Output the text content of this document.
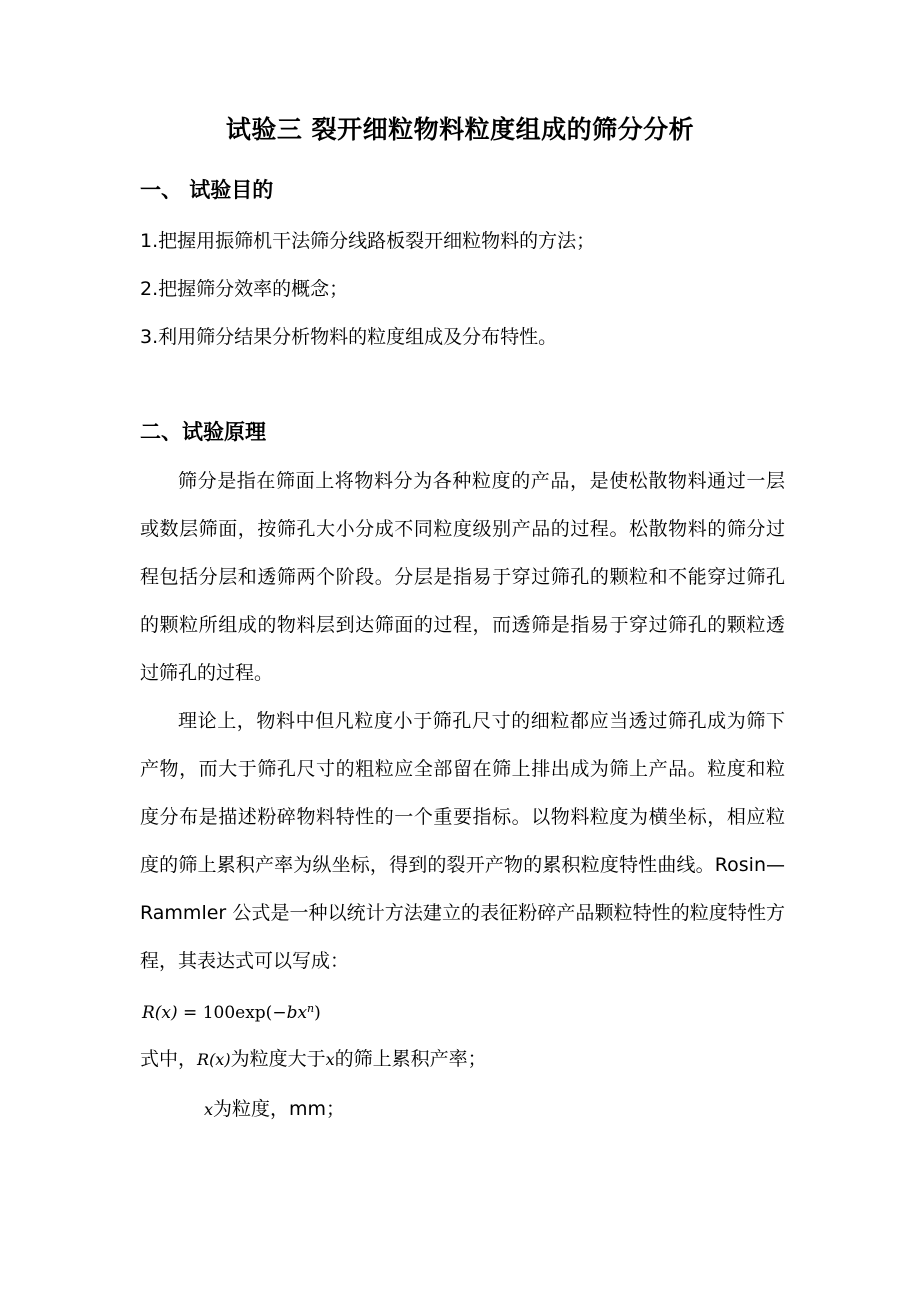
试验三 裂开细粒物料粒度组成的筛分分析
一、 试验目的
1.把握用振筛机干法筛分线路板裂开细粒物料的方法；
2.把握筛分效率的概念；
3.利用筛分结果分析物料的粒度组成及分布特性。
二、试验原理

筛分是指在筛面上将物料分为各种粒度的产品，是使松散物料通过一层或数层筛面，按筛孔大小分成不同粒度级别产品的过程。松散物料的筛分过程包括分层和透筛两个阶段。分层是指易于穿过筛孔的颗粒和不能穿过筛孔的颗粒所组成的物料层到达筛面的过程，而透筛是指易于穿过筛孔的颗粒透过筛孔的过程。

理论上，物料中但凡粒度小于筛孔尺寸的细粒都应当透过筛孔成为筛下产物，而大于筛孔尺寸的粗粒应全部留在筛上排出成为筛上产品。粒度和粒度分布是描述粉碎物料特性的一个重要指标。以物料粒度为横坐标，相应粒度的筛上累积产率为纵坐标，得到的裂开产物的累积粒度特性曲线。Rosin—Rammler 公式是一种以统计方法建立的表征粉碎产品颗粒特性的粒度特性方程，其表达式可以写成：

$R(x) = 100\exp(-bx^n)$
式中，R(x)为粒度大于x的筛上累积产率；
x为粒度，mm；
